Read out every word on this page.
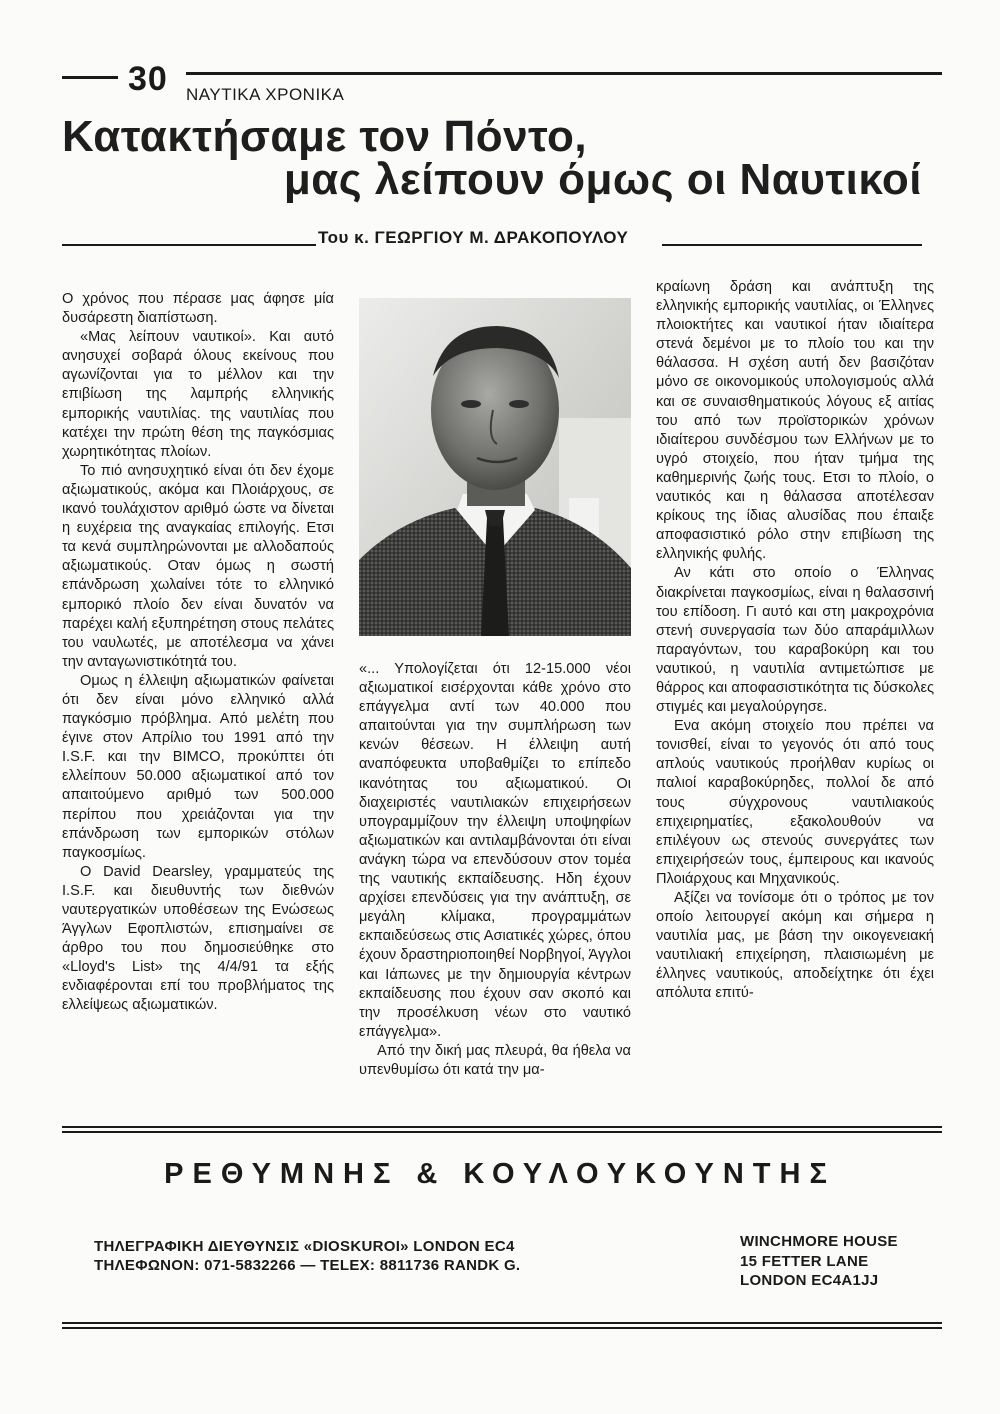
30 ΝΑΥΤΙΚΑ ΧΡΟΝΙΚΑ
Κατακτήσαμε τον Πόντο,
μας λείπουν όμως οι Ναυτικοί
Του κ. ΓΕΩΡΓΙΟΥ Μ. ΔΡΑΚΟΠΟΥΛΟΥ

Ο χρόνος που πέρασε μας άφησε μία δυσάρεστη διαπίστωση.

«Μας λείπουν ναυτικοί». Και αυτό ανησυχεί σοβαρά όλους εκείνους που αγωνίζονται για το μέλλον και την επιβίωση της λαμπρής ελληνικής εμπορικής ναυτιλίας. της ναυτιλίας που κατέχει την πρώτη θέση της παγκόσμιας χωρητικότητας πλοίων.

Το πιό ανησυχητικό είναι ότι δεν έχομε αξιωματικούς, ακόμα και Πλοιάρχους, σε ικανό τουλάχιστον αριθμό ώστε να δίνεται η ευχέρεια της αναγκαίας επιλογής. Ετσι τα κενά συμπληρώνονται με αλλοδαπούς αξιωματικούς. Οταν όμως η σωστή επάνδρωση χωλαίνει τότε το ελληνικό εμπορικό πλοίο δεν είναι δυνατόν να παρέχει καλή εξυπηρέτηση στους πελάτες του ναυλωτές, με αποτέλεσμα να χάνει την ανταγωνιστικότητά του.

Ομως η έλλειψη αξιωματικών φαίνεται ότι δεν είναι μόνο ελληνικό αλλά παγκόσμιο πρόβλημα. Από μελέτη που έγινε στον Απρίλιο του 1991 από την I.S.F. και την BIMCO, προκύπτει ότι ελλείπουν 50.000 αξιωματικοί από τον απαιτούμενο αριθμό των 500.000 περίπου που χρειάζονται για την επάνδρωση των εμπορικών στόλων παγκοσμίως.

Ο David Dearsley, γραμματεύς της I.S.F. και διευθυντής των διεθνών ναυτεργατικών υποθέσεων της Ενώσεως Άγγλων Εφοπλιστών, επισημαίνει σε άρθρο του που δημοσιεύθηκε στο «Lloyd's List» της 4/4/91 τα εξής ενδιαφέρονται επί του προβλήματος της ελλείψεως αξιωματικών.

«... Υπολογίζεται ότι 12-15.000 νέοι αξιωματικοί εισέρχονται κάθε χρόνο στο επάγγελμα αντί των 40.000 που απαιτούνται για την συμπλήρωση των κενών θέσεων. Η έλλειψη αυτή αναπόφευκτα υποβαθμίζει το επίπεδο ικανότητας του αξιωματικού. Οι διαχειριστές ναυτιλιακών επιχειρήσεων υπογραμμίζουν την έλλειψη υποψηφίων αξιωματικών και αντιλαμβάνονται ότι είναι ανάγκη τώρα να επενδύσουν στον τομέα της ναυτικής εκπαίδευσης. Ηδη έχουν αρχίσει επενδύσεις για την ανάπτυξη, σε μεγάλη κλίμακα, προγραμμάτων εκπαιδεύσεως στις Ασιατικές χώρες, όπου έχουν δραστηριοποιηθεί Νορβηγοί, Άγγλοι και Ιάπωνες με την δημιουργία κέντρων εκπαίδευσης που έχουν σαν σκοπό και την προσέλκυση νέων στο ναυτικό επάγγελμα».

Από την δική μας πλευρά, θα ήθελα να υπενθυμίσω ότι κατά την μα-

κραίωνη δράση και ανάπτυξη της ελληνικής εμπορικής ναυτιλίας, οι Έλληνες πλοιοκτήτες και ναυτικοί ήταν ιδιαίτερα στενά δεμένοι με το πλοίο του και την θάλασσα. Η σχέση αυτή δεν βασιζόταν μόνο σε οικονομικούς υπολογισμούς αλλά και σε συναισθηματικούς λόγους εξ αιτίας του από των προϊστορικών χρόνων ιδιαίτερου συνδέσμου των Ελλήνων με το υγρό στοιχείο, που ήταν τμήμα της καθημερινής ζωής τους. Ετσι το πλοίο, ο ναυτικός και η θάλασσα αποτέλεσαν κρίκους της ίδιας αλυσίδας που έπαιξε αποφασιστικό ρόλο στην επιβίωση της ελληνικής φυλής.

Αν κάτι στο οποίο ο Έλληνας διακρίνεται παγκοσμίως, είναι η θαλασσινή του επίδοση. Γι αυτό και στη μακροχρόνια στενή συνεργασία των δύο απαράμιλλων παραγόντων, του καραβοκύρη και του ναυτικού, η ναυτιλία αντιμετώπισε με θάρρος και αποφασιστικότητα τις δύσκολες στιγμές και μεγαλούργησε.

Ενα ακόμη στοιχείο που πρέπει να τονισθεί, είναι το γεγονός ότι από τους απλούς ναυτικούς προήλθαν κυρίως οι παλιοί καραβοκύρηδες, πολλοί δε από τους σύγχρονους ναυτιλιακούς επιχειρηματίες, εξακολουθούν να επιλέγουν ως στενούς συνεργάτες των επιχειρήσεών τους, έμπειρους και ικανούς Πλοιάρχους και Μηχανικούς.

Αξίζει να τονίσομε ότι ο τρόπος με τον οποίο λειτουργεί ακόμη και σήμερα η ναυτιλία μας, με βάση την οικογενειακή ναυτιλιακή επιχείρηση, πλαισιωμένη με έλληνες ναυτικούς, αποδείχτηκε ότι έχει απόλυτα επιτύ-

ΡΕΘΥΜΝΗΣ & ΚΟΥΛΟΥΚΟΥΝΤΗΣ
ΤΗΛΕΓΡΑΦΙΚΗ ΔΙΕΥΘΥΝΣΙΣ «DIOSKUROI» LONDON EC4
ΤΗΛΕΦΩΝΟΝ: 071-5832266 — TELEX: 8811736 RANDK G.
WINCHMORE HOUSE
15 FETTER LANE
LONDON EC4A1JJ
